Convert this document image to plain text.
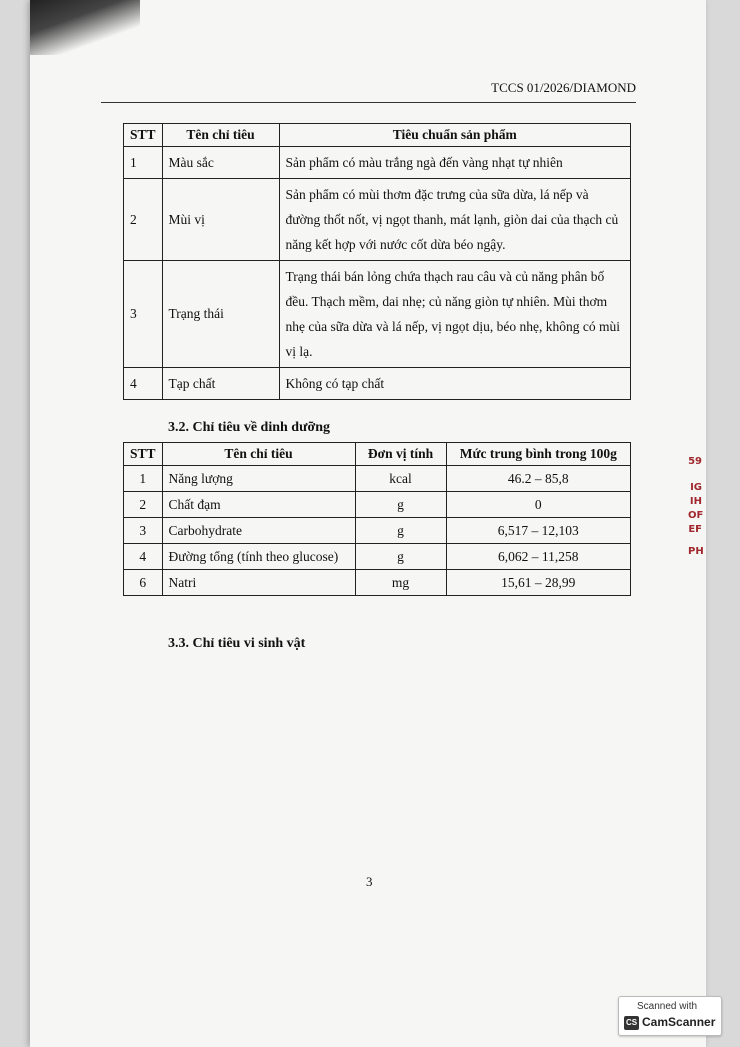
TCCS 01/2026/DIAMOND
STT	Tên chỉ tiêu	Tiêu chuẩn sản phẩm
1	Màu sắc	Sản phẩm có màu trắng ngà đến vàng nhạt tự nhiên
2	Mùi vị	Sản phẩm có mùi thơm đặc trưng của sữa dừa, lá nếp và đường thốt nốt, vị ngọt thanh, mát lạnh, giòn dai của thạch củ năng kết hợp với nước cốt dừa béo ngậy.
3	Trạng thái	Trạng thái bán lỏng chứa thạch rau câu và củ năng phân bố đều. Thạch mềm, dai nhẹ; củ năng giòn tự nhiên. Mùi thơm nhẹ của sữa dừa và lá nếp, vị ngọt dịu, béo nhẹ, không có mùi vị lạ.
4	Tạp chất	Không có tạp chất
3.2. Chỉ tiêu về dinh dưỡng
STT	Tên chỉ tiêu	Đơn vị tính	Mức trung bình trong 100g
1	Năng lượng	kcal	46.2 – 85,8
2	Chất đạm	g	0
3	Carbohydrate	g	6,517 – 12,103
4	Đường tổng (tính theo glucose)	g	6,062 – 11,258
6	Natri	mg	15,61 – 28,99
3.3. Chỉ tiêu vi sinh vật
3
59
IG
IH
OF
EF
PH
Scanned with
CS CamScanner
